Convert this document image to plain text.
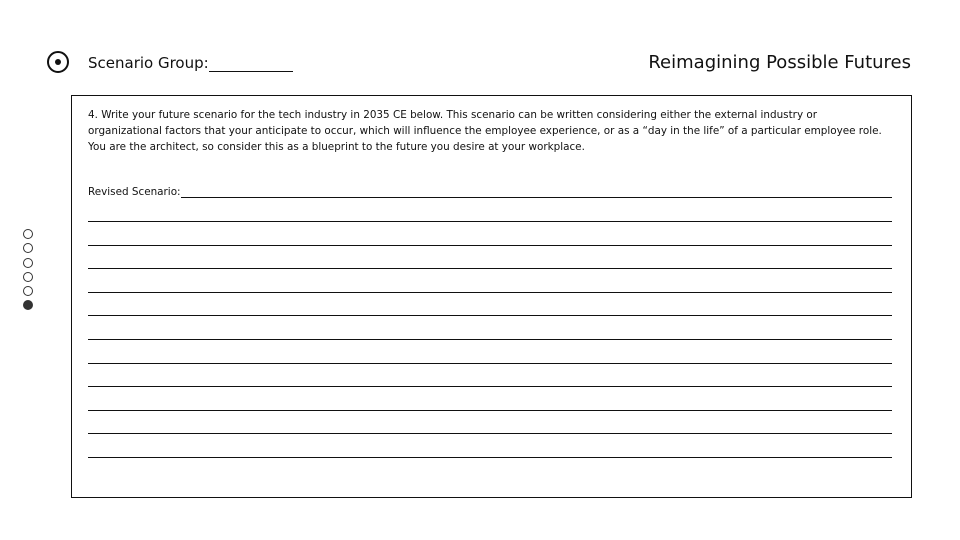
Scenario Group:	Reimagining Possible Futures

4. Write your future scenario for the tech industry in 2035 CE below. This scenario can be written considering either the external industry or organizational factors that your anticipate to occur, which will influence the employee experience, or as a “day in the life” of a particular employee role. You are the architect, so consider this as a blueprint to the future you desire at your workplace.

Revised Scenario:
